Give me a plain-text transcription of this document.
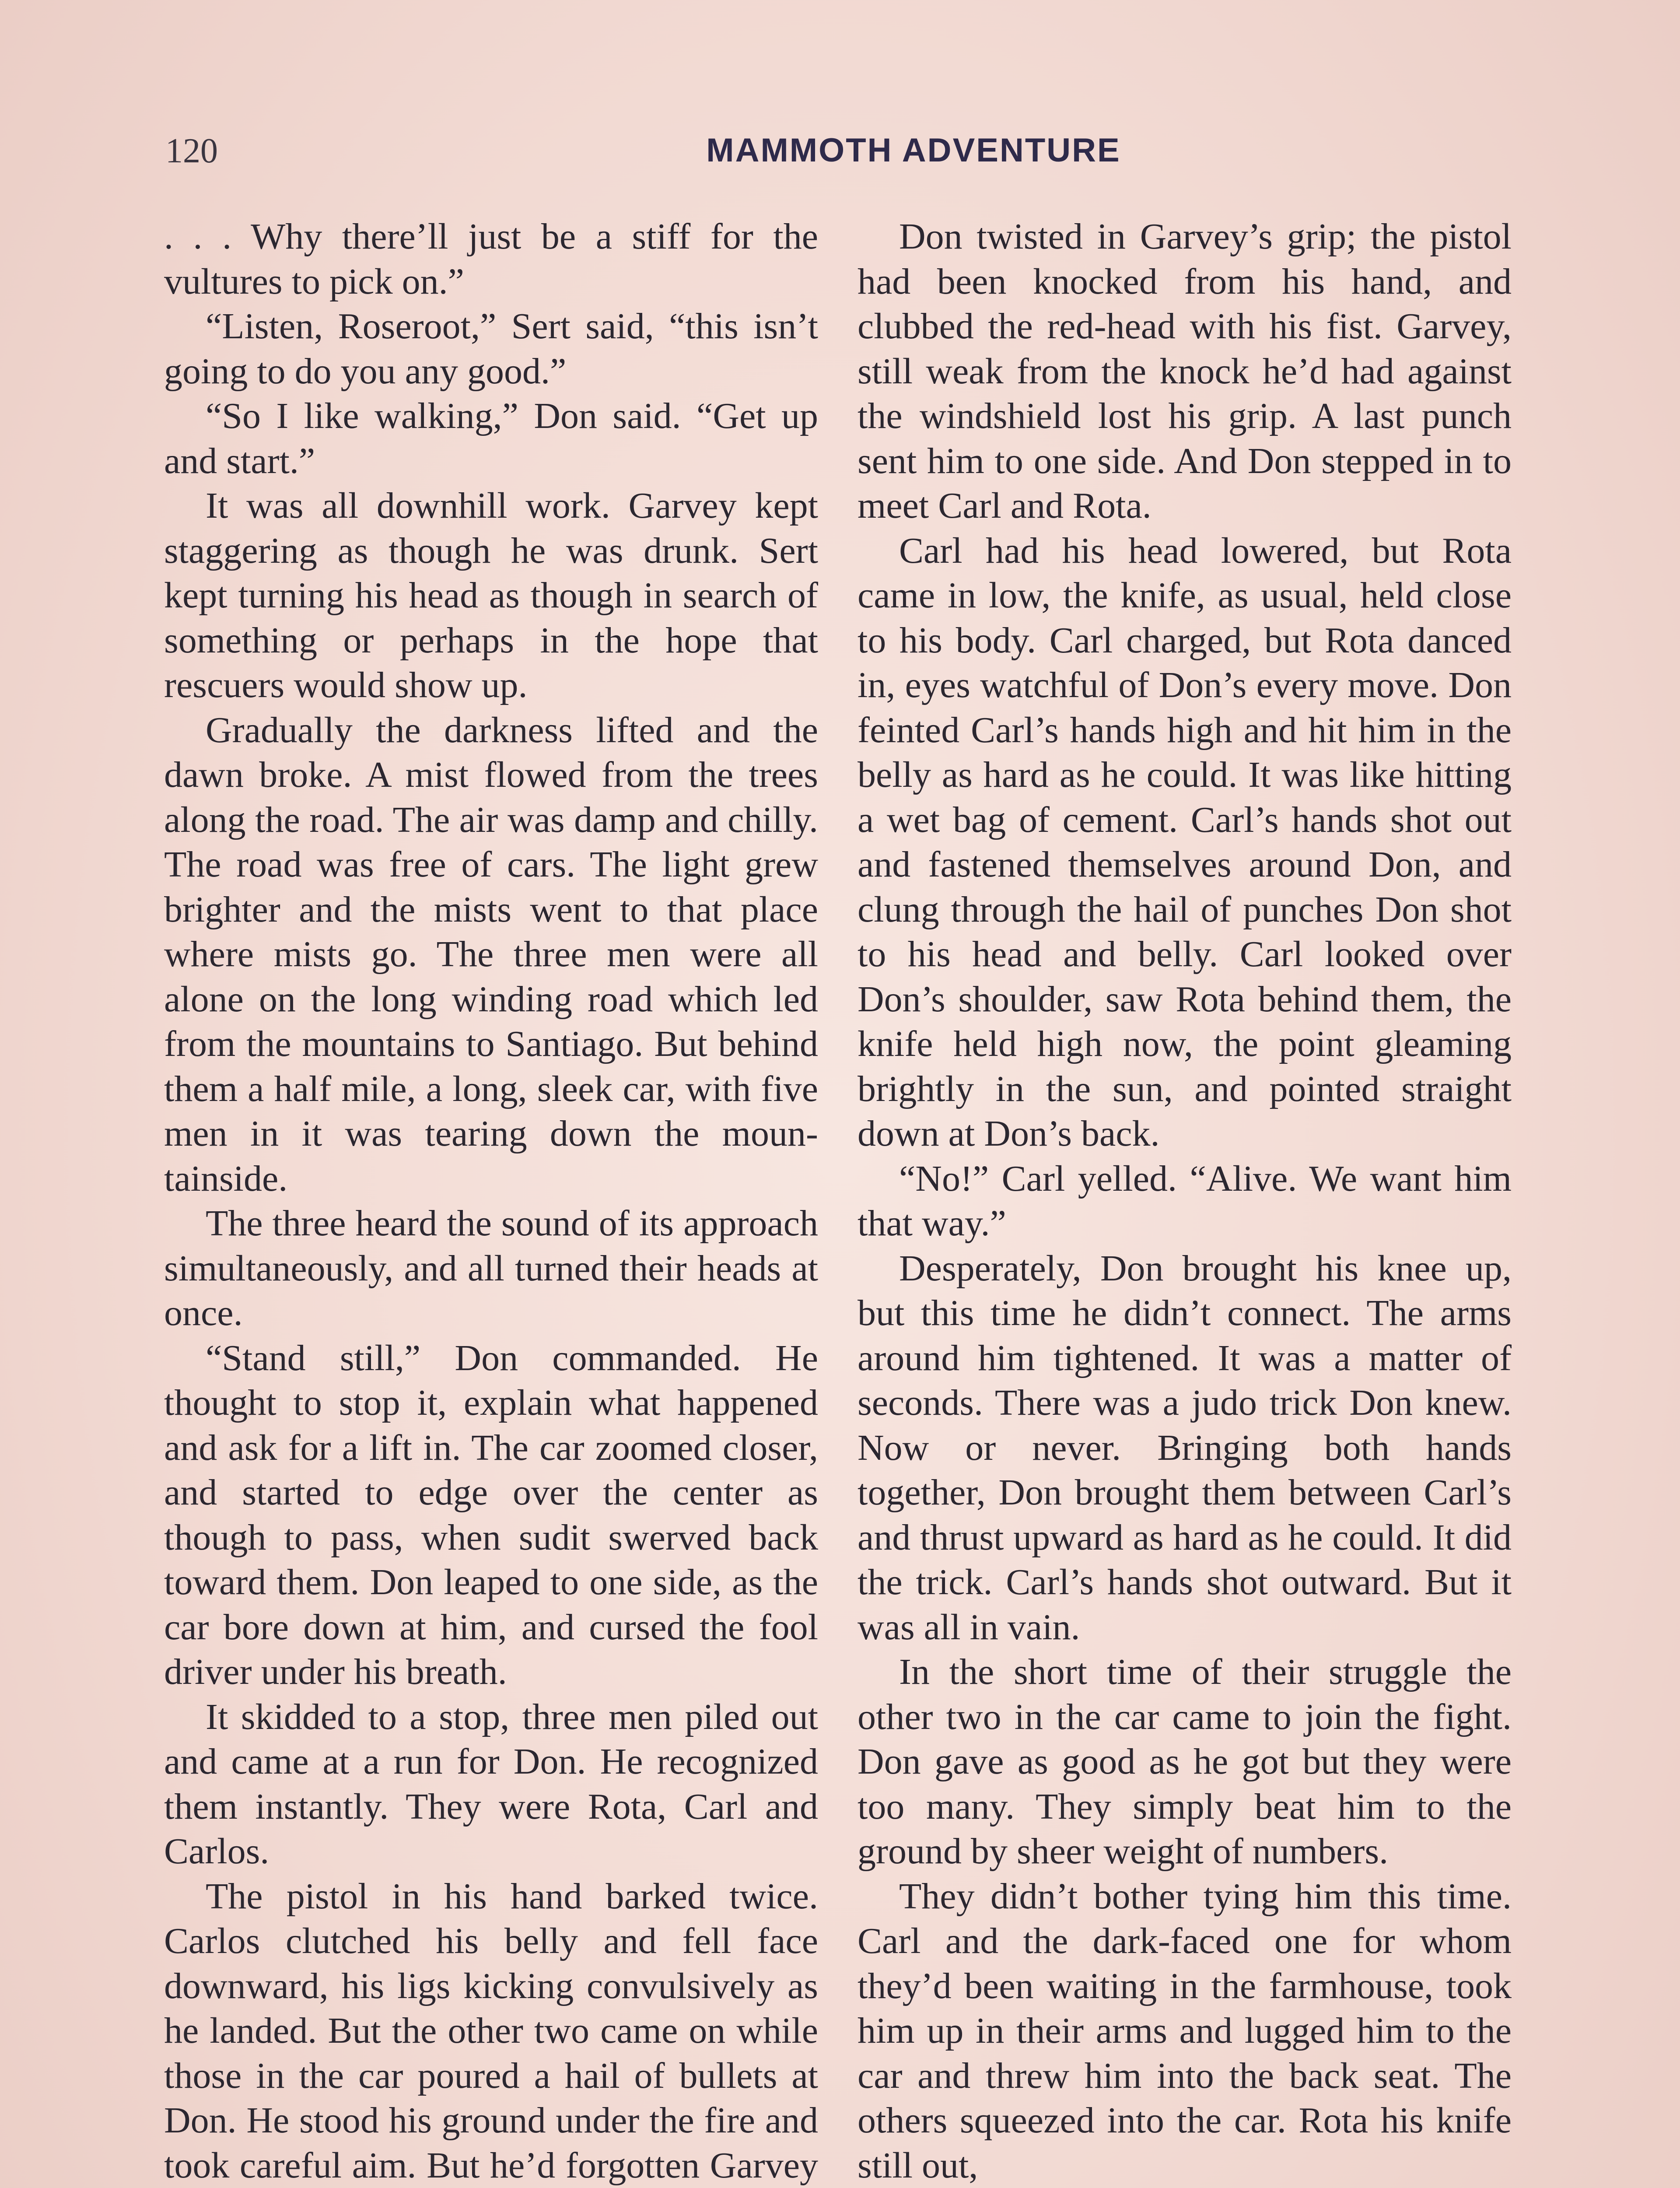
120	MAMMOTH ADVENTURE

. . . Why there’ll just be a stiff for the vultures to pick on.”

“Listen, Roseroot,” Sert said, “this isn’t going to do you any good.”

“So I like walking,” Don said. “Get up and start.”

It was all downhill work. Garvey kept staggering as though he was drunk. Sert kept turning his head as though in search of something or perhaps in the hope that rescuers would show up.

Gradually the darkness lifted and the dawn broke. A mist flowed from the trees along the road. The air was damp and chilly. The road was free of cars. The light grew brighter and the mists went to that place where mists go. The three men were all alone on the long winding road which led from the mountains to Santiago. But behind them a half mile, a long, sleek car, with five men in it was tearing down the mountainside.

The three heard the sound of its approach simultaneously, and all turned their heads at once.

“Stand still,” Don commanded. He thought to stop it, explain what happened and ask for a lift in. The car zoomed closer, and started to edge over the center as though to pass, when sudit swerved back toward them. Don leaped to one side, as the car bore down at him, and cursed the fool driver under his breath.

It skidded to a stop, three men piled out and came at a run for Don. He recognized them instantly. They were Rota, Carl and Carlos.

The pistol in his hand barked twice. Carlos clutched his belly and fell face downward, his ligs kicking convulsively as he landed. But the other two came on while those in the car poured a hail of bullets at Don. He stood his ground under the fire and took careful aim. But he’d forgotten Garvey

Don twisted in Garvey’s grip; the pistol had been knocked from his hand, and clubbed the red-head with his fist. Garvey, still weak from the knock he’d had against the windshield lost his grip. A last punch sent him to one side. And Don stepped in to meet Carl and Rota.

Carl had his head lowered, but Rota came in low, the knife, as usual, held close to his body. Carl charged, but Rota danced in, eyes watchful of Don’s every move. Don feinted Carl’s hands high and hit him in the belly as hard as he could. It was like hitting a wet bag of cement. Carl’s hands shot out and fastened themselves around Don, and clung through the hail of punches Don shot to his head and belly. Carl looked over Don’s shoulder, saw Rota behind them, the knife held high now, the point gleaming brightly in the sun, and pointed straight down at Don’s back.

“No!” Carl yelled. “Alive. We want him that way.”

Desperately, Don brought his knee up, but this time he didn’t connect. The arms around him tightened. It was a matter of seconds. There was a judo trick Don knew. Now or never. Bringing both hands together, Don brought them between Carl’s and thrust upward as hard as he could. It did the trick. Carl’s hands shot outward. But it was all in vain.

In the short time of their struggle the other two in the car came to join the fight. Don gave as good as he got but they were too many. They simply beat him to the ground by sheer weight of numbers.

They didn’t bother tying him this time. Carl and the dark-faced one for whom they’d been waiting in the farmhouse, took him up in their arms and lugged him to the car and threw him into the back seat. The others squeezed into the car. Rota his knife still out,
